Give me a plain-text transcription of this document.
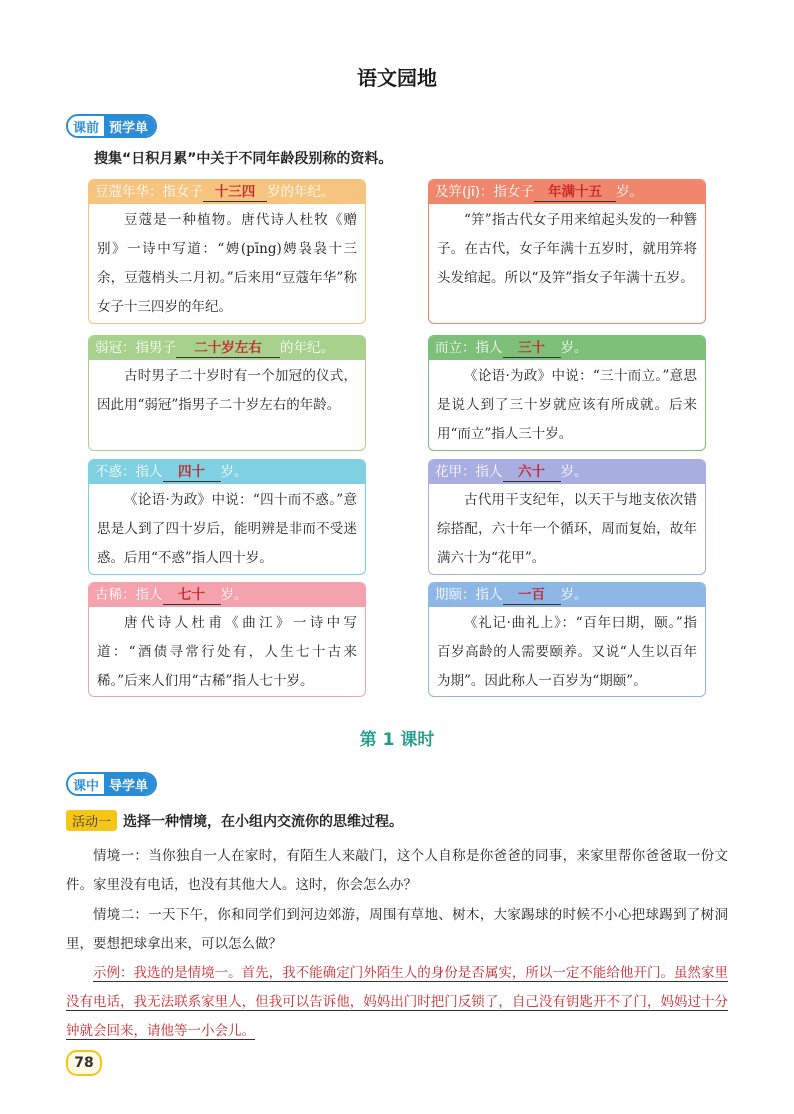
语文园地
课前 预学单
搜集“日积月累”中关于不同年龄段别称的资料。
豆蔻年华：指女子 十三四 岁的年纪。
豆蔻是一种植物。唐代诗人杜牧《赠别》一诗中写道：“娉(pīng)娉袅袅十三余，豆蔻梢头二月初。”后来用“豆蔻年华”称女子十三四岁的年纪。
及笄(jī)：指女子 年满十五 岁。
“笄”指古代女子用来绾起头发的一种簪子。在古代，女子年满十五岁时，就用笄将头发绾起。所以“及笄”指女子年满十五岁。
弱冠：指男子 二十岁左右 的年纪。
古时男子二十岁时有一个加冠的仪式，因此用“弱冠”指男子二十岁左右的年龄。
而立：指人 三十 岁。
《论语·为政》中说：“三十而立。”意思是说人到了三十岁就应该有所成就。后来用“而立”指人三十岁。
不惑：指人 四十 岁。
《论语·为政》中说：“四十而不惑。”意思是人到了四十岁后，能明辨是非而不受迷惑。后用“不惑”指人四十岁。
花甲：指人 六十 岁。
古代用干支纪年，以天干与地支依次错综搭配，六十年一个循环，周而复始，故年满六十为“花甲”。
古稀：指人 七十 岁。
唐代诗人杜甫《曲江》一诗中写道：“酒债寻常行处有，人生七十古来稀。”后来人们用“古稀”指人七十岁。
期颐：指人 一百 岁。
《礼记·曲礼上》：“百年曰期，颐。”指百岁高龄的人需要颐养。又说“人生以百年为期”。因此称人一百岁为“期颐”。
第 1 课时
课中 导学单
活动一 选择一种情境，在小组内交流你的思维过程。
情境一：当你独自一人在家时，有陌生人来敲门，这个人自称是你爸爸的同事，来家里帮你爸爸取一份文件。家里没有电话，也没有其他大人。这时，你会怎么办？
情境二：一天下午，你和同学们到河边郊游，周围有草地、树木，大家踢球的时候不小心把球踢到了树洞里，要想把球拿出来，可以怎么做？
示例：我选的是情境一。首先，我不能确定门外陌生人的身份是否属实，所以一定不能给他开门。虽然家里没有电话，我无法联系家里人，但我可以告诉他，妈妈出门时把门反锁了，自己没有钥匙开不了门，妈妈过十分钟就会回来，请他等一小会儿。
78
